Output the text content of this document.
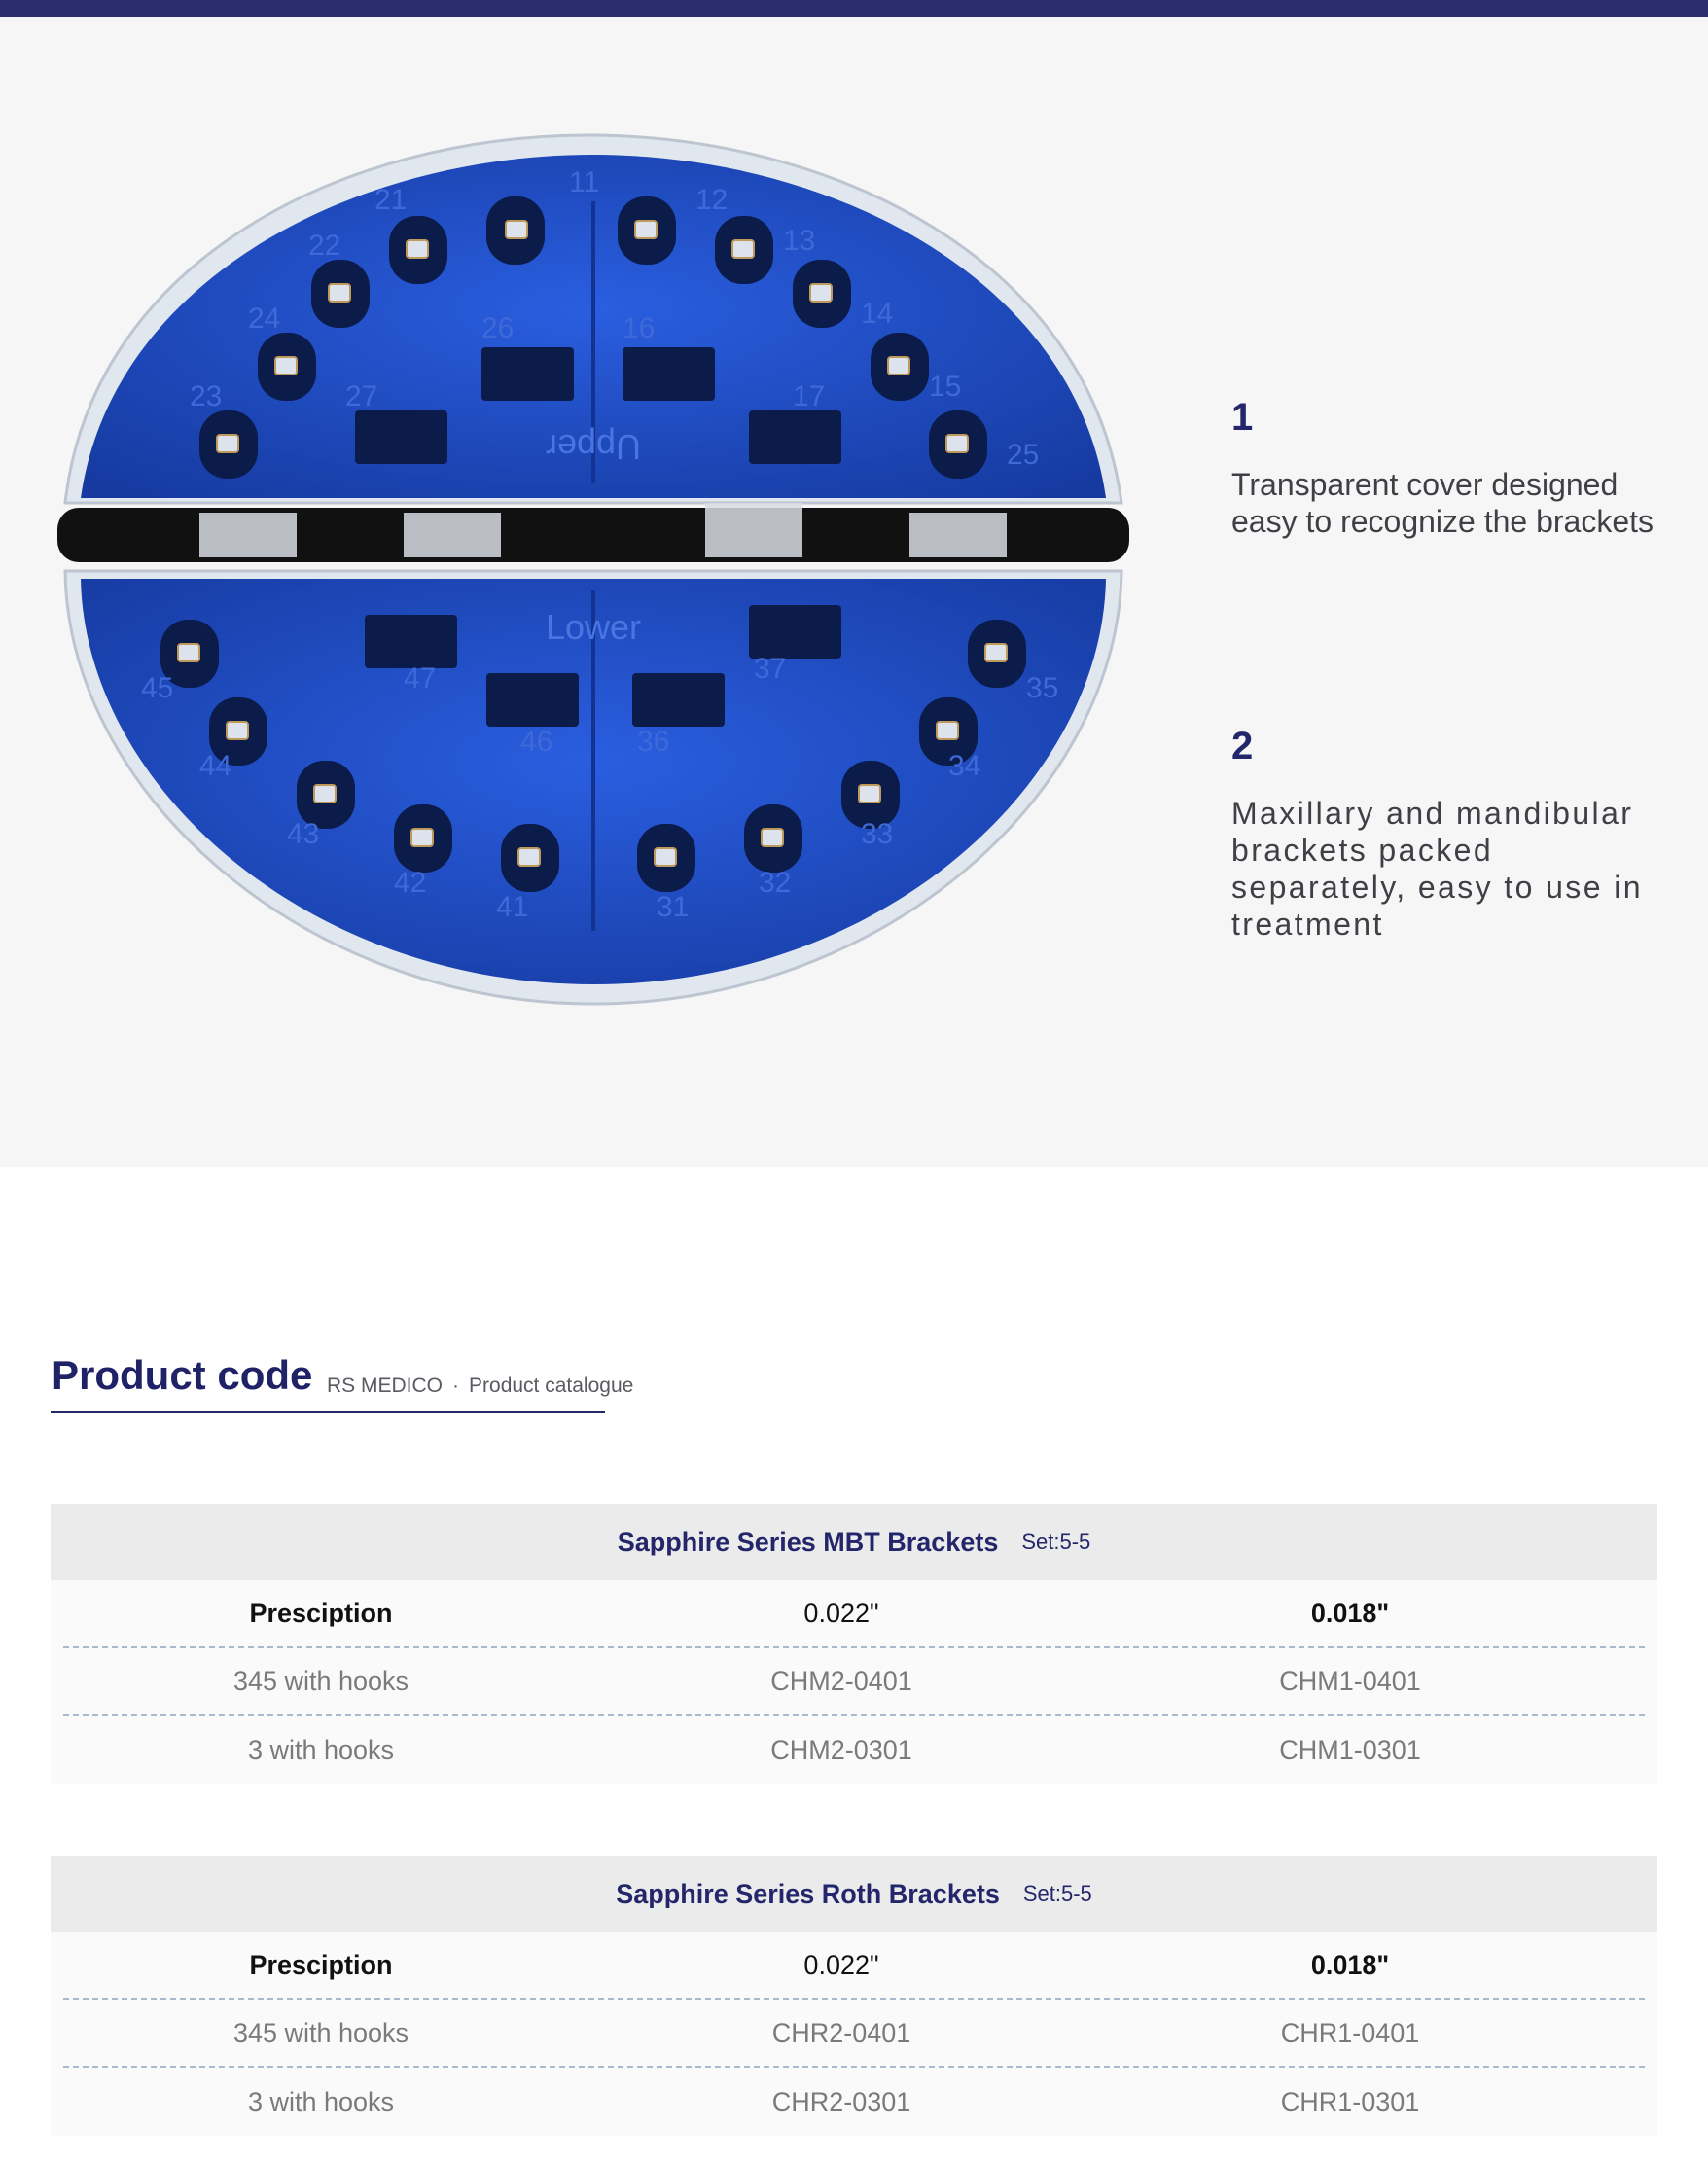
Upper
Lower
23
24
22
21
11
12
13
14
15
25
26	16
27	17
45
44
43
42
41	31
32
33
34
35
47
46	36
37
1
Transparent cover designed easy to recognize the brackets
2
Maxillary and mandibular brackets packed separately, easy to use in treatment
Product code RS MEDICO · Product catalogue
Sapphire Series MBT Brackets Set:5-5
Presciption	0.022"	0.018"
345 with hooks	CHM2-0401	CHM1-0401
3 with hooks	CHM2-0301	CHM1-0301
Sapphire Series Roth Brackets Set:5-5
Presciption	0.022"	0.018"
345 with hooks	CHR2-0401	CHR1-0401
3 with hooks	CHR2-0301	CHR1-0301
